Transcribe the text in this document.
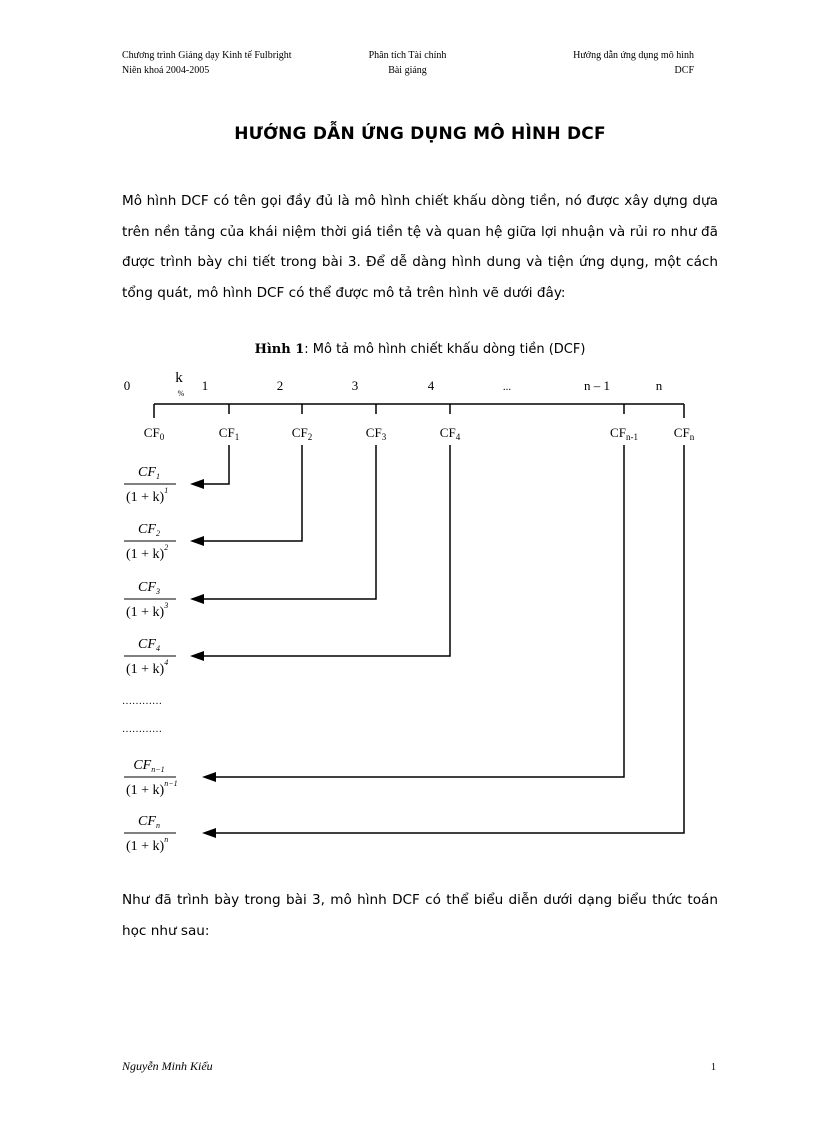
Chương trình Giảng dạy Kinh tế Fulbright
Niên khoá 2004-2005
Phân tích Tài chính
Bài giảng
Hướng dẫn ứng dụng mô hình
DCF
HƯỚNG DẪN ỨNG DỤNG MÔ HÌNH DCF
Mô hình DCF có tên gọi đầy đủ là mô hình chiết khấu dòng tiền, nó được xây dựng dựa trên nền tảng của khái niệm thời giá tiền tệ và quan hệ giữa lợi nhuận và rủi ro như đã được trình bày chi tiết trong bài 3. Để dễ dàng hình dung và tiện ứng dụng, một cách tổng quát, mô hình DCF có thể được mô tả trên hình vẽ dưới đây:
Hình 1: Mô tả mô hình chiết khấu dòng tiền (DCF)
0	1	2	3	4	...	n – 1	n
k
%
$CF_0$	$CF_1$	$CF_2$	$CF_3$	$CF_4$	$CF_{n-1}$	$CF_n$
$CF_1$
$(1 + k)^1$
$CF_2$
$(1 + k)^2$
$CF_3$
$(1 + k)^3$
$CF_4$
$(1 + k)^4$
$CF_{n-1}$
$(1 + k)^{n-1}$
$CF_n$
$(1 + k)^n$
…………
…………
Như đã trình bày trong bài 3, mô hình DCF có thể biểu diễn dưới dạng biểu thức toán học như sau:
Nguyễn Minh Kiểu	1
